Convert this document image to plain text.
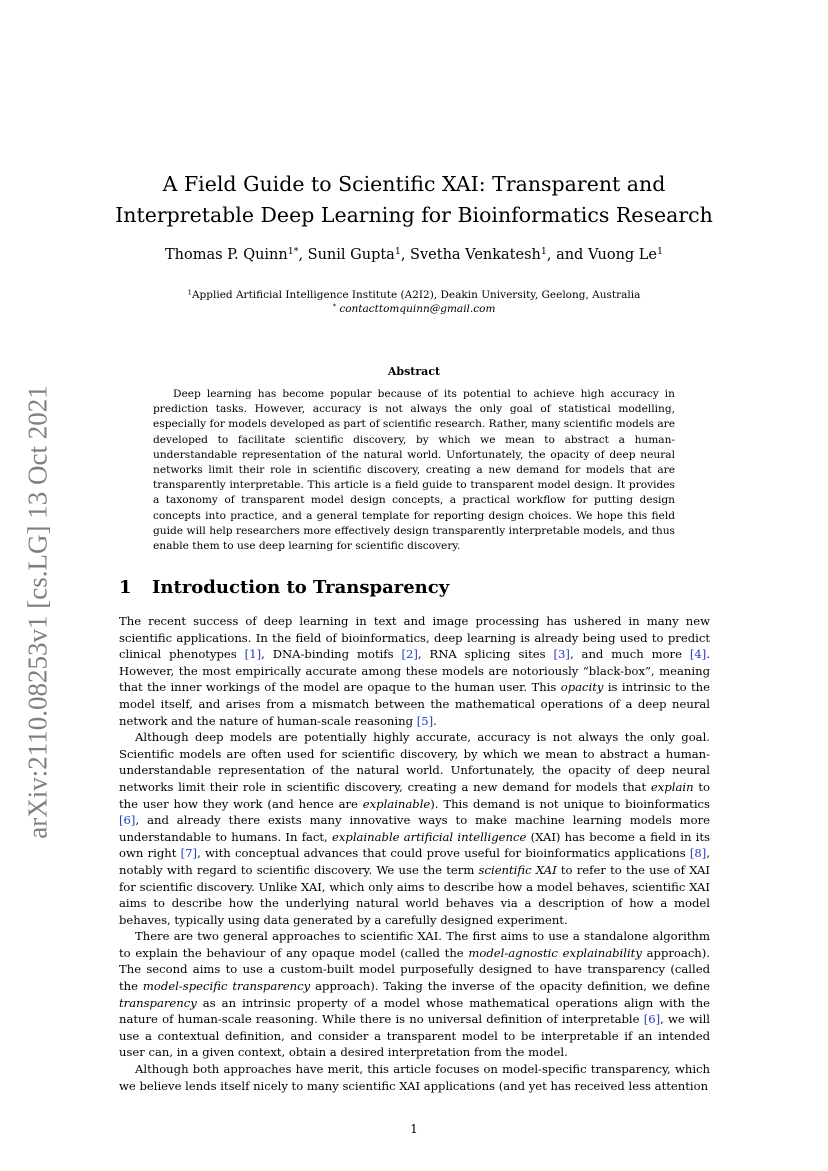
arXiv:2110.08253v1 [cs.LG] 13 Oct 2021
A Field Guide to Scientific XAI: Transparent and
Interpretable Deep Learning for Bioinformatics Research
Thomas P. Quinn$^{1*}$, Sunil Gupta$^1$, Svetha Venkatesh$^1$, and Vuong Le$^1$
$^1$Applied Artificial Intelligence Institute (A2I2), Deakin University, Geelong, Australia
* contacttomquinn@gmail.com
Abstract
Deep learning has become popular because of its potential to achieve high accuracy in prediction tasks. However, accuracy is not always the only goal of statistical modelling, especially for models developed as part of scientific research. Rather, many scientific models are developed to facilitate scientific discovery, by which we mean to abstract a human-understandable representation of the natural world. Unfortunately, the opacity of deep neural networks limit their role in scientific discovery, creating a new demand for models that are transparently interpretable. This article is a field guide to transparent model design. It provides a taxonomy of transparent model design concepts, a practical workflow for putting design concepts into practice, and a general template for reporting design choices. We hope this field guide will help researchers more effectively design transparently interpretable models, and thus enable them to use deep learning for scientific discovery.
1 Introduction to Transparency

The recent success of deep learning in text and image processing has ushered in many new scientific applications. In the field of bioinformatics, deep learning is already being used to predict clinical phenotypes [1], DNA-binding motifs [2], RNA splicing sites [3], and much more [4]. However, the most empirically accurate among these models are notoriously “black-box”, meaning that the inner workings of the model are opaque to the human user. This opacity is intrinsic to the model itself, and arises from a mismatch between the mathematical operations of a deep neural network and the nature of human-scale reasoning [5].

Although deep models are potentially highly accurate, accuracy is not always the only goal. Scientific models are often used for scientific discovery, by which we mean to abstract a human-understandable representation of the natural world. Unfortunately, the opacity of deep neural networks limit their role in scientific discovery, creating a new demand for models that explain to the user how they work (and hence are explainable). This demand is not unique to bioinformatics [6], and already there exists many innovative ways to make machine learning models more understandable to humans. In fact, explainable artificial intelligence (XAI) has become a field in its own right [7], with conceptual advances that could prove useful for bioinformatics applications [8], notably with regard to scientific discovery. We use the term scientific XAI to refer to the use of XAI for scientific discovery. Unlike XAI, which only aims to describe how a model behaves, scientific XAI aims to describe how the underlying natural world behaves via a description of how a model behaves, typically using data generated by a carefully designed experiment.

There are two general approaches to scientific XAI. The first aims to use a standalone algorithm to explain the behaviour of any opaque model (called the model-agnostic explainability approach). The second aims to use a custom-built model purposefully designed to have transparency (called the model-specific transparency approach). Taking the inverse of the opacity definition, we define transparency as an intrinsic property of a model whose mathematical operations align with the nature of human-scale reasoning. While there is no universal definition of interpretable [6], we will use a contextual definition, and consider a transparent model to be interpretable if an intended user can, in a given context, obtain a desired interpretation from the model.

Although both approaches have merit, this article focuses on model-specific transparency, which we believe lends itself nicely to many scientific XAI applications (and yet has received less attention

1
